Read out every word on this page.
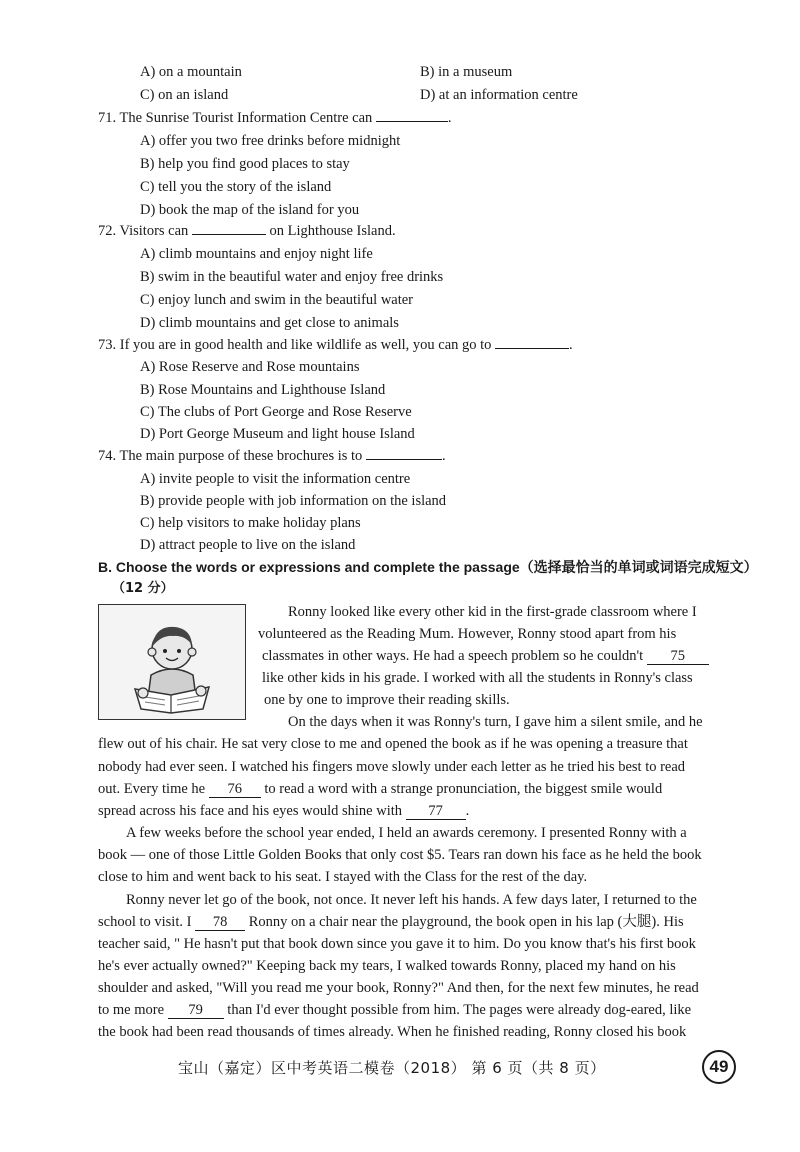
A) on a mountain	B) in a museum
C) on an island	D) at an information centre
71. The Sunrise Tourist Information Centre can	.
A) offer you two free drinks before midnight
B) help you find good places to stay
C) tell you the story of the island
D) book the map of the island for you
72. Visitors can	on Lighthouse Island.
A) climb mountains and enjoy night life
B) swim in the beautiful water and enjoy free drinks
C) enjoy lunch and swim in the beautiful water
D) climb mountains and get close to animals
73. If you are in good health and like wildlife as well, you can go to	.
A) Rose Reserve and Rose mountains
B) Rose Mountains and Lighthouse Island
C) The clubs of Port George and Rose Reserve
D) Port George Museum and light house Island
74. The main purpose of these brochures is to	.
A) invite people to visit the information centre
B) provide people with job information on the island
C) help visitors to make holiday plans
D) attract people to live on the island
B. Choose the words or expressions and complete the passage（选择最恰当的单词或词语完成短文）
（12 分）
Ronny looked like every other kid in the first-grade classroom where I
volunteered as the Reading Mum. However, Ronny stood apart from his
classmates in other ways. He had a speech problem so he couldn't 75
like other kids in his grade. I worked with all the students in Ronny's class
one by one to improve their reading skills.
On the days when it was Ronny's turn, I gave him a silent smile, and he
flew out of his chair. He sat very close to me and opened the book as if he was opening a treasure that
nobody had ever seen. I watched his fingers move slowly under each letter as he tried his best to read
out. Every time he 76 to read a word with a strange pronunciation, the biggest smile would
spread across his face and his eyes would shine with 77 .
A few weeks before the school year ended, I held an awards ceremony. I presented Ronny with a
book — one of those Little Golden Books that only cost $5. Tears ran down his face as he held the book
close to him and went back to his seat. I stayed with the Class for the rest of the day.
Ronny never let go of the book, not once. It never left his hands. A few days later, I returned to the
school to visit. I 78 Ronny on a chair near the playground, the book open in his lap (大腿). His
teacher said, " He hasn't put that book down since you gave it to him. Do you know that's his first book
he's ever actually owned?" Keeping back my tears, I walked towards Ronny, placed my hand on his
shoulder and asked, "Will you read me your book, Ronny?" And then, for the next few minutes, he read
to me more 79 than I'd ever thought possible from him. The pages were already dog-eared, like
the book had been read thousands of times already. When he finished reading, Ronny closed his book
宝山（嘉定）区中考英语二模卷（2018） 第 6 页（共 8 页）	49
